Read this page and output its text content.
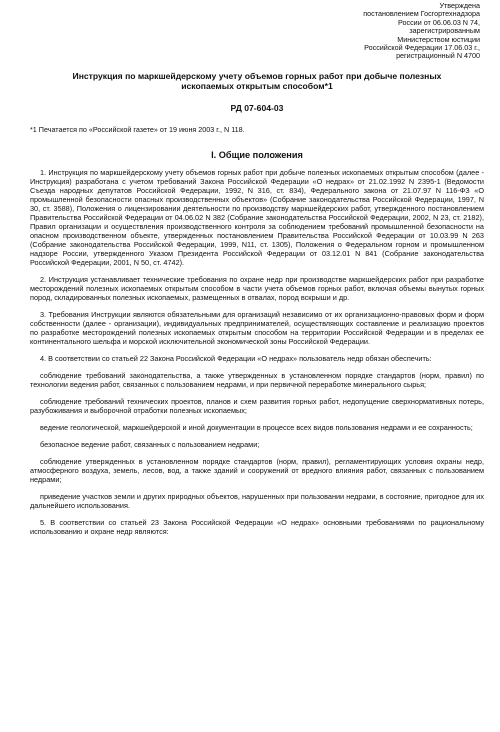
Утверждена
постановлением Госгортехнадзора
России от 06.06.03 N 74,
зарегистрированным
Министерством юстиции
Российской Федерации 17.06.03 г.,
регистрационный N 4700
Инструкция по маркшейдерскому учету объемов горных работ при добыче полезных ископаемых открытым способом*1
РД 07-604-03
*1 Печатается по «Российской газете» от 19 июня 2003 г., N 118.
I. Общие положения

1. Инструкция по маркшейдерскому учету объемов горных работ при добыче полезных ископаемых открытым способом (далее - Инструкция) разработана с учетом требований Закона Российской Федерации «О недрах» от 21.02.1992 N 2395-1 (Ведомости Съезда народных депутатов Российской Федерации, 1992, N 316, ст. 834), Федерального закона от 21.07.97 N 116-ФЗ «О промышленной безопасности опасных производственных объектов» (Собрание законодательства Российской Федерации, 1997, N 30, ст. 3588), Положения о лицензировании деятельности по производству маркшейдерских работ, утвержденного постановлением Правительства Российской Федерации от 04.06.02 N 382 (Собрание законодательства Российской Федерации, 2002, N 23, ст. 2182), Правил организации и осуществления производственного контроля за соблюдением требований промышленной безопасности на опасном производственном объекте, утвержденных постановлением Правительства Российской Федерации от 10.03.99 N 263 (Собрание законодательства Российской Федерации, 1999, N11, ст. 1305), Положения о Федеральном горном и промышленном надзоре России, утвержденного Указом Президента Российской Федерации от 03.12.01 N 841 (Собрание законодательства Российской Федерации, 2001, N 50, ст. 4742).

2. Инструкция устанавливает технические требования по охране недр при производстве маркшейдерских работ при разработке месторождений полезных ископаемых открытым способом в части учета объемов горных работ, включая объемы вынутых горных пород, складированных полезных ископаемых, размещенных в отвалах, пород вскрыши и др.

3. Требования Инструкции являются обязательными для организаций независимо от их организационно-правовых форм и форм собственности (далее - организации), индивидуальных предпринимателей, осуществляющих составление и реализацию проектов по разработке месторождений полезных ископаемых открытым способом на территории Российской Федерации и в пределах ее континентального шельфа и морской исключительной экономической зоны Российской Федерации.

4. В соответствии со статьей 22 Закона Российской Федерации «О недрах» пользователь недр обязан обеспечить:

соблюдение требований законодательства, а также утвержденных в установленном порядке стандартов (норм, правил) по технологии ведения работ, связанных с пользованием недрами, и при первичной переработке минерального сырья;

соблюдение требований технических проектов, планов и схем развития горных работ, недопущение сверхнормативных потерь, разубоживания и выборочной отработки полезных ископаемых;

ведение геологической, маркшейдерской и иной документации в процессе всех видов пользования недрами и ее сохранность;

безопасное ведение работ, связанных с пользованием недрами;

соблюдение утвержденных в установленном порядке стандартов (норм, правил), регламентирующих условия охраны недр, атмосферного воздуха, земель, лесов, вод, а также зданий и сооружений от вредного влияния работ, связанных с пользованием недрами;

приведение участков земли и других природных объектов, нарушенных при пользовании недрами, в состояние, пригодное для их дальнейшего использования.

5. В соответствии со статьей 23 Закона Российской Федерации «О недрах» основными требованиями по рациональному использованию и охране недр являются:
